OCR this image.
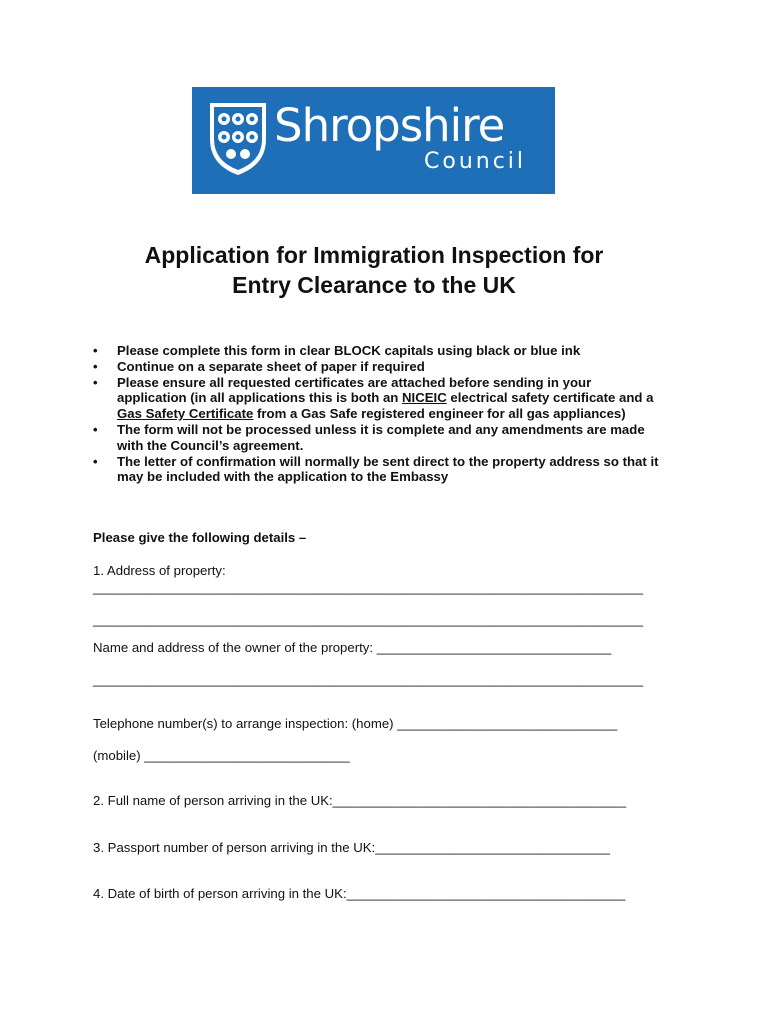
Shropshire
Council
Application for Immigration Inspection for
Entry Clearance to the UK
• Please complete this form in clear BLOCK capitals using black or blue ink
• Continue on a separate sheet of paper if required
• Please ensure all requested certificates are attached before sending in your application (in all applications this is both an NICEIC electrical safety certificate and a Gas Safety Certificate from a Gas Safe registered engineer for all gas appliances)
• The form will not be processed unless it is complete and any amendments are made with the Council’s agreement.
• The letter of confirmation will normally be sent direct to the property address so that it may be included with the application to the Embassy

Please give the following details –

1. Address of property:

___________________________________________________________________________

___________________________________________________________________________

Name and address of the owner of the property: ________________________________

___________________________________________________________________________

Telephone number(s) to arrange inspection: (home) ______________________________

(mobile) ____________________________

2. Full name of person arriving in the UK:________________________________________

3. Passport number of person arriving in the UK:________________________________

4. Date of birth of person arriving in the UK:______________________________________
